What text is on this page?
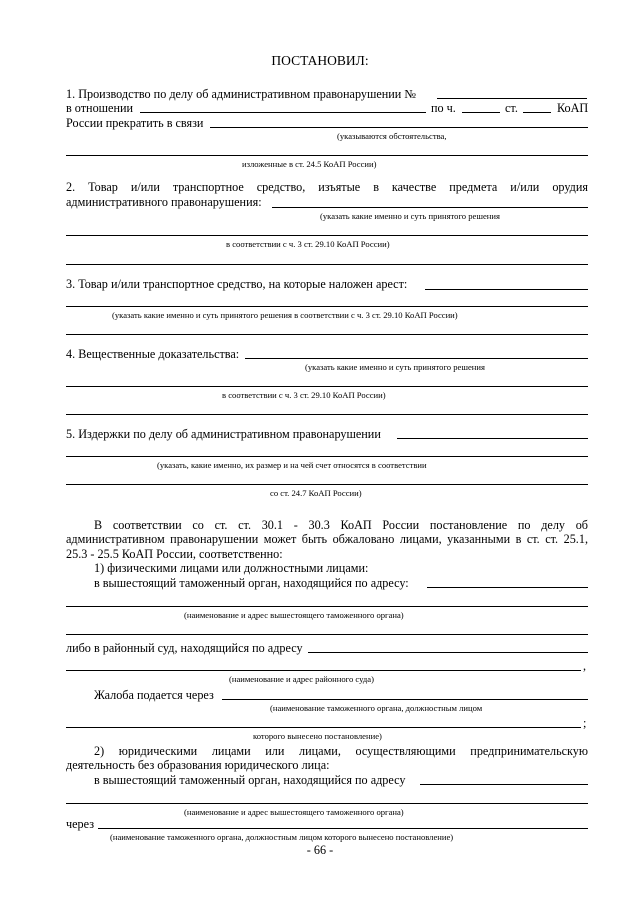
ПОСТАНОВИЛ:
1. Производство по делу об административном правонарушении №
в отношении	по ч.	ст.	КоАП
России прекратить в связи
(указываются обстоятельства,
изложенные в ст. 24.5 КоАП России)
2. Товар и/или транспортное средство, изъятые в качестве предмета и/или орудия
административного правонарушения:
(указать какие именно и суть принятого решения
в соответствии с ч. 3 ст. 29.10 КоАП России)
3. Товар и/или транспортное средство, на которые наложен арест:
(указать какие именно и суть принятого решения в соответствии с ч. 3 ст. 29.10 КоАП России)
4. Вещественные доказательства:
(указать какие именно и суть принятого решения
в соответствии с ч. 3 ст. 29.10 КоАП России)
5. Издержки по делу об административном правонарушении
(указать, какие именно, их размер и на чей счет относятся в соответствии
со ст. 24.7 КоАП России)
В соответствии со ст. ст. 30.1 - 30.3 КоАП России постановление по делу об
административном правонарушении может быть обжаловано лицами, указанными в ст. ст. 25.1,
25.3 - 25.5 КоАП России, соответственно:
1) физическими лицами или должностными лицами:
в вышестоящий таможенный орган, находящийся по адресу:
(наименование и адрес вышестоящего таможенного органа)
либо в районный суд, находящийся по адресу
,
(наименование и адрес районного суда)
Жалоба подается через
(наименование таможенного органа, должностным лицом
;
которого вынесено постановление)
2) юридическими лицами или лицами, осуществляющими предпринимательскую
деятельность без образования юридического лица:
в вышестоящий таможенный орган, находящийся по адресу
(наименование и адрес вышестоящего таможенного органа)
через
(наименование таможенного органа, должностным лицом которого вынесено постановление)
- 66 -
